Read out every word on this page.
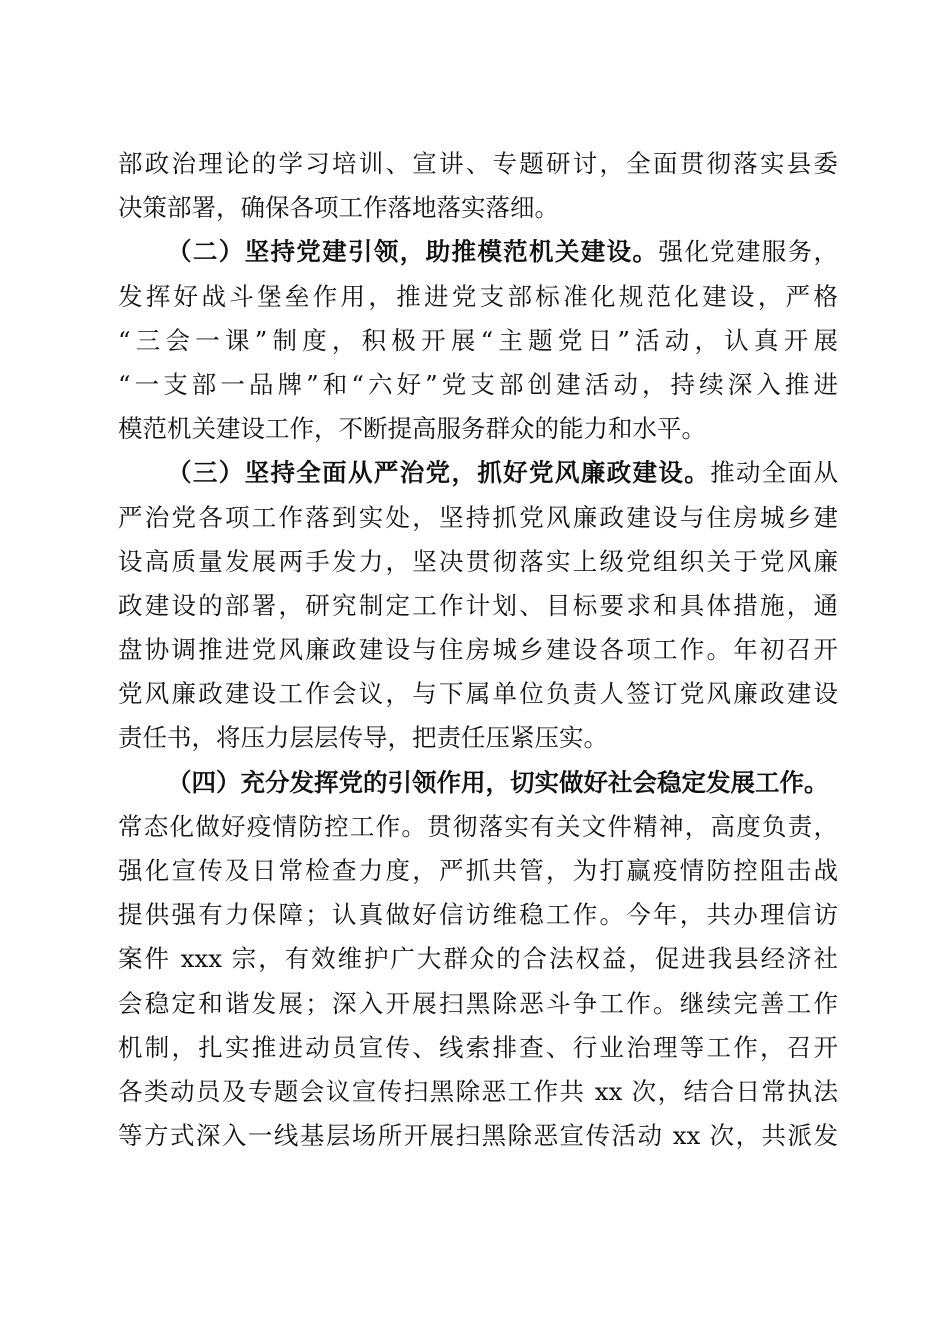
部政治理论的学习培训、宣讲、专题研讨，全面贯彻落实县委
决策部署，确保各项工作落地落实落细。
（二）坚持党建引领，助推模范机关建设。强化党建服务，
发挥好战斗堡垒作用，推进党支部标准化规范化建设，严格
“三会一课”制度，积极开展“主题党日”活动，认真开展
“一支部一品牌”和“六好”党支部创建活动，持续深入推进
模范机关建设工作，不断提高服务群众的能力和水平。
（三）坚持全面从严治党，抓好党风廉政建设。推动全面从
严治党各项工作落到实处，坚持抓党风廉政建设与住房城乡建
设高质量发展两手发力，坚决贯彻落实上级党组织关于党风廉
政建设的部署，研究制定工作计划、目标要求和具体措施，通
盘协调推进党风廉政建设与住房城乡建设各项工作。年初召开
党风廉政建设工作会议，与下属单位负责人签订党风廉政建设
责任书，将压力层层传导，把责任压紧压实。
（四）充分发挥党的引领作用，切实做好社会稳定发展工作。
常态化做好疫情防控工作。贯彻落实有关文件精神，高度负责，
强化宣传及日常检查力度，严抓共管，为打赢疫情防控阻击战
提供强有力保障；认真做好信访维稳工作。今年，共办理信访
案件 xxx 宗，有效维护广大群众的合法权益，促进我县经济社
会稳定和谐发展；深入开展扫黑除恶斗争工作。继续完善工作
机制，扎实推进动员宣传、线索排查、行业治理等工作，召开
各类动员及专题会议宣传扫黑除恶工作共 xx 次，结合日常执法
等方式深入一线基层场所开展扫黑除恶宣传活动 xx 次，共派发
